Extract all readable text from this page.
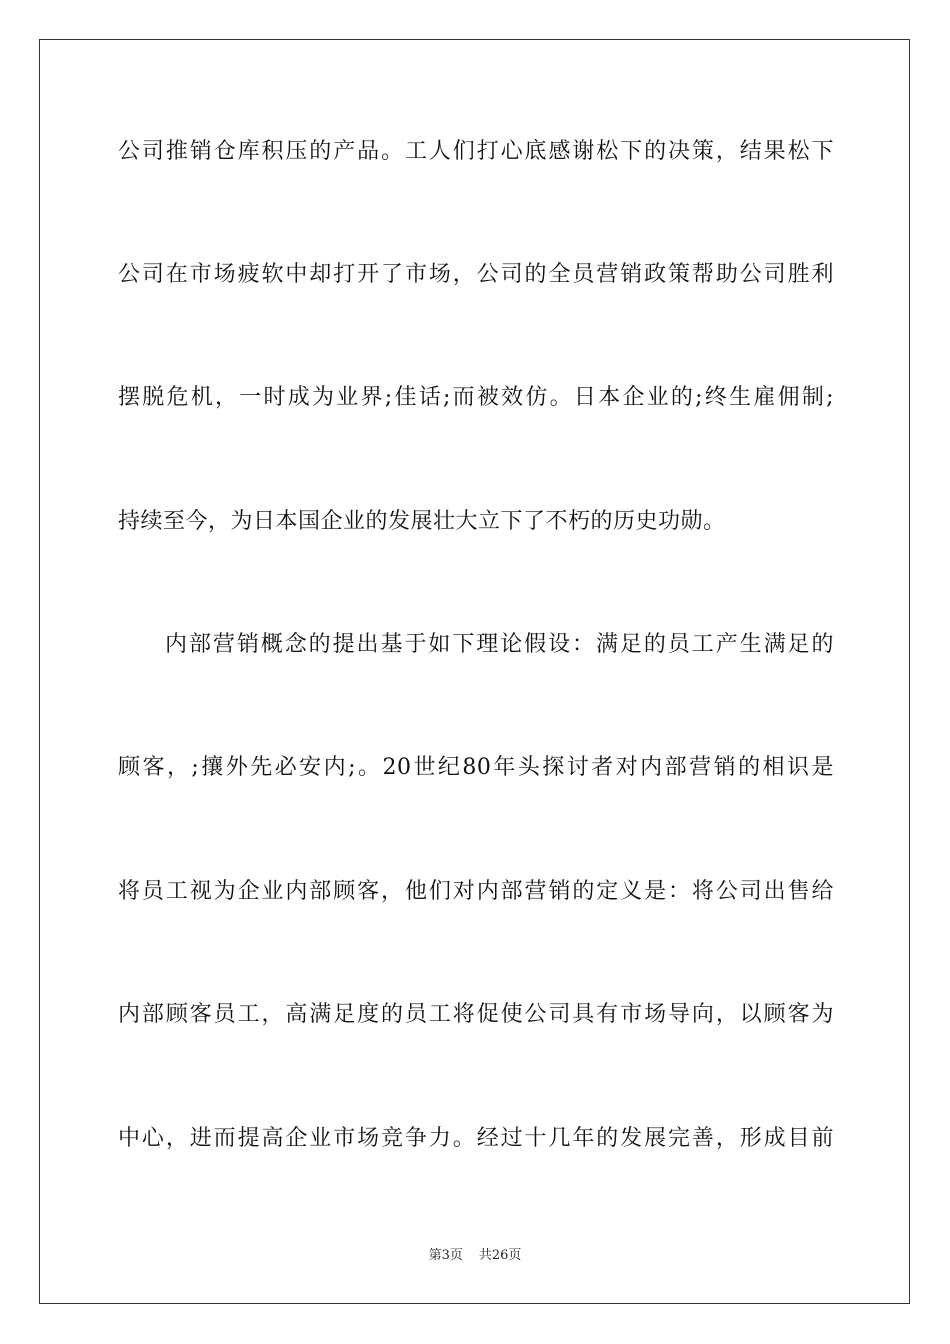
公司推销仓库积压的产品。工人们打心底感谢松下的决策，结果松下
公司在市场疲软中却打开了市场，公司的全员营销政策帮助公司胜利
摆脱危机，一时成为业界;佳话;而被效仿。日本企业的;终生雇佣制;
持续至今，为日本国企业的发展壮大立下了不朽的历史功勋。
内部营销概念的提出基于如下理论假设：满足的员工产生满足的
顾客，;攘外先必安内;。20世纪80年头探讨者对内部营销的相识是
将员工视为企业内部顾客，他们对内部营销的定义是：将公司出售给
内部顾客员工，高满足度的员工将促使公司具有市场导向，以顾客为
中心，进而提高企业市场竞争力。经过十几年的发展完善，形成目前
第3页 共26页
